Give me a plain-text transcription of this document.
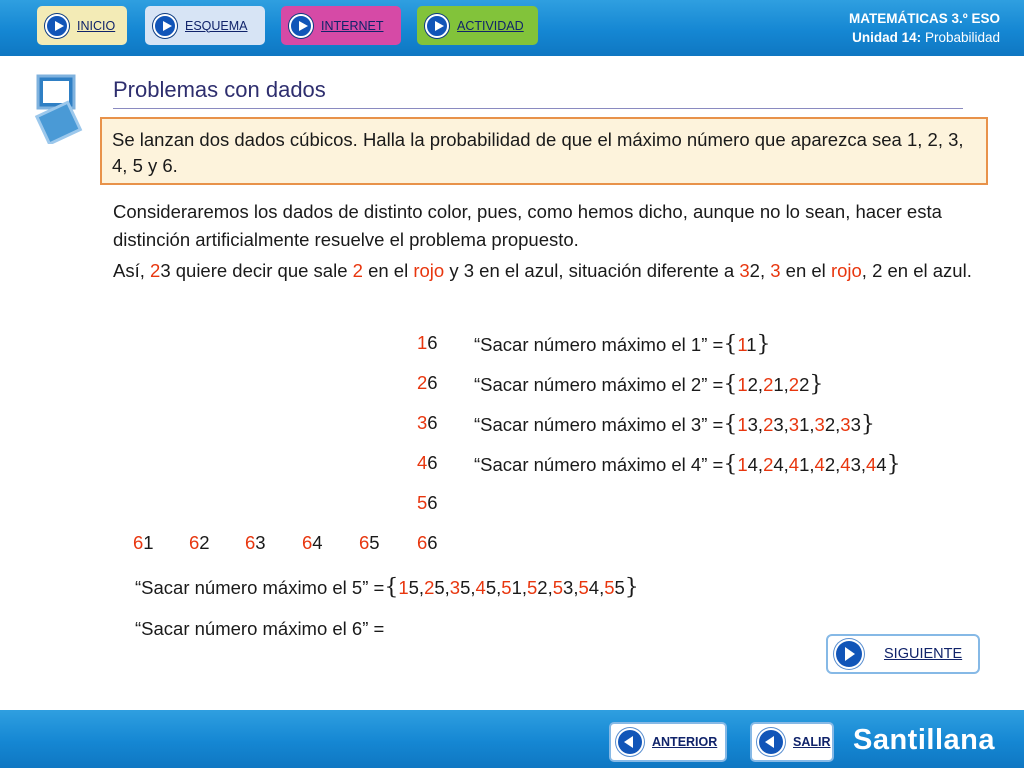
INICIO	ESQUEMA	INTERNET	ACTIVIDAD	MATEMÁTICAS 3.º ESO
Unidad 14: Probabilidad
Problemas con dados
Se lanzan dos dados cúbicos. Halla la probabilidad de que el máximo número que aparezca sea 1, 2, 3, 4, 5 y 6.
Consideraremos los dados de distinto color, pues, como hemos dicho, aunque no lo sean, hacer esta distinción artificialmente resuelve el problema propuesto.
Así, 23 quiere decir que sale 2 en el rojo y 3 en el azul, situación diferente a 32, 3 en el rojo, 2 en el azul.
16
26
36
46
56
61	62	63	64	65	66
“Sacar número máximo el 1” ={11}
“Sacar número máximo el 2” ={12,21,22}
“Sacar número máximo el 3” ={13,23,31,32,33}
“Sacar número máximo el 4” ={14,24,41,42,43,44}
“Sacar número máximo el 5” ={15,25,35,45,51,52,53,54,55}
“Sacar número máximo el 6” =
SIGUIENTE
ANTERIOR	SALIR Santillana
